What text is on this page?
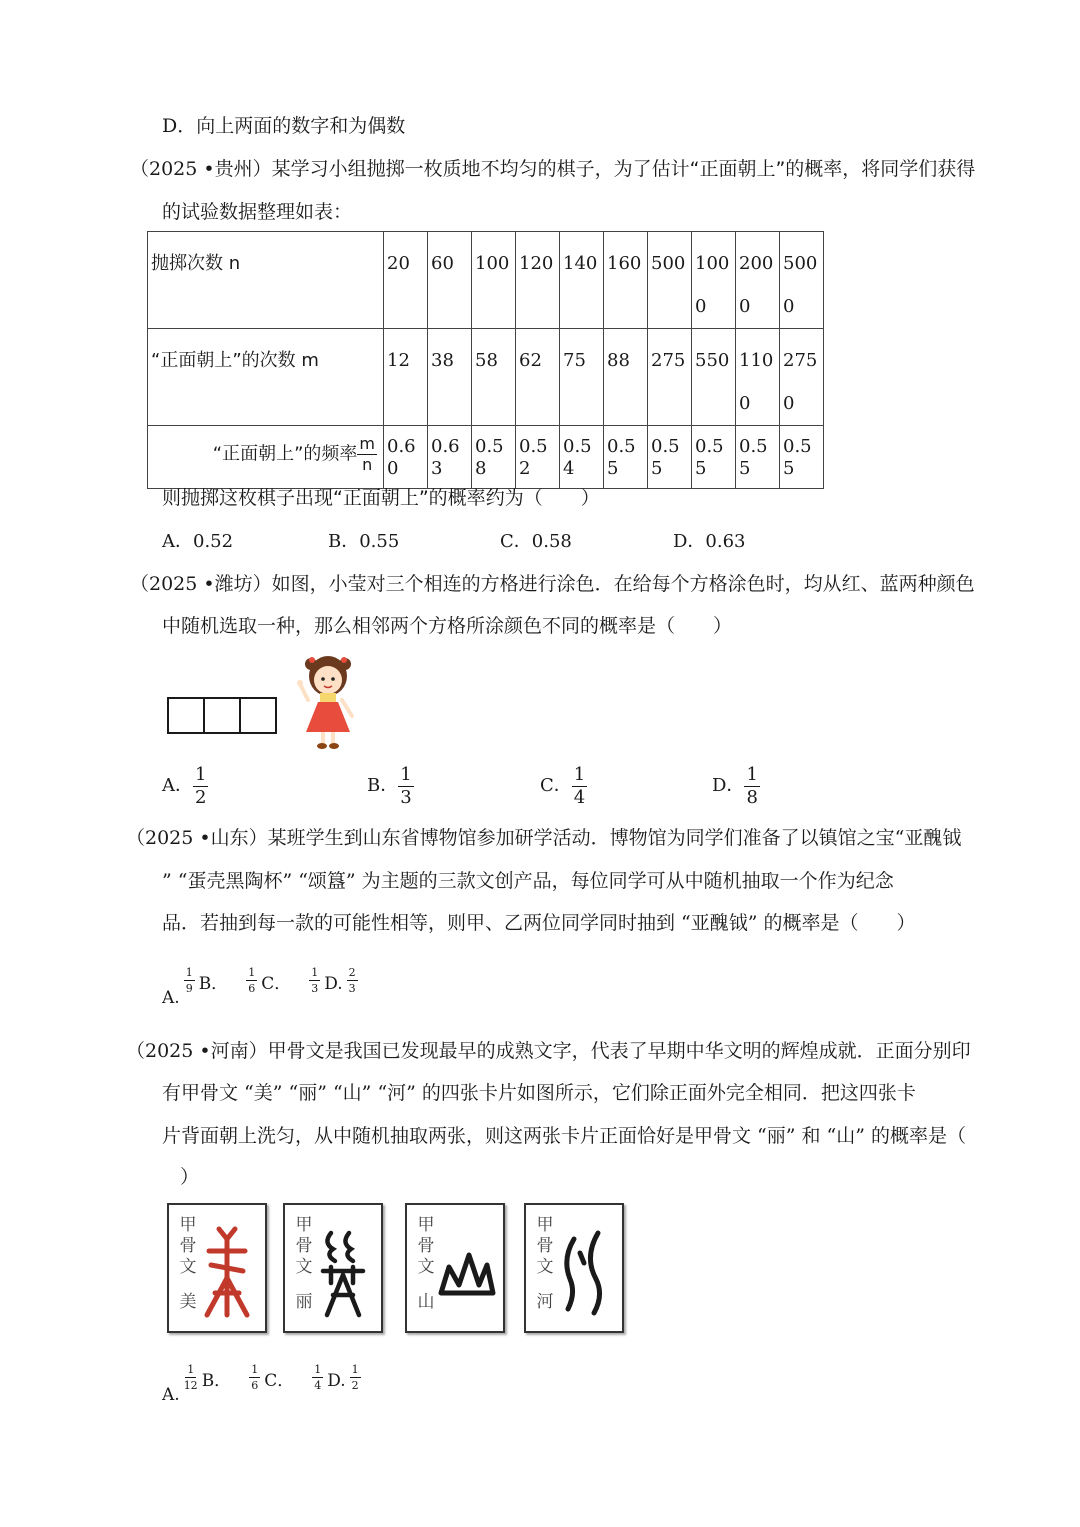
D．向上两面的数字和为偶数
（2025 •贵州）某学习小组抛掷一枚质地不均匀的棋子，为了估计“正面朝上”的概率，将同学们获得
的试验数据整理如表：
抛掷次数 n	20	60	100	120	140	160	500	1000	2000	5000
“正面朝上”的次数 m	12	38	58	62	75	88	275	550	1100	2750
“正面朝上”的频率 $\frac{m}{n}$	0.60	0.63	0.58	0.52	0.54	0.55	0.55	0.55	0.55	0.55
则抛掷这枚棋子出现“正面朝上”的概率约为（　　）
A．0.52	B．0.55	C．0.58	D．0.63
（2025 •潍坊）如图，小莹对三个相连的方格进行涂色．在给每个方格涂色时，均从红、蓝两种颜色
中随机选取一种，那么相邻两个方格所涂颜色不同的概率是（　　）
A． $\frac{1}{2}$	B． $\frac{1}{3}$	C． $\frac{1}{4}$	D． $\frac{1}{8}$
（2025 •山东）某班学生到山东省博物馆参加研学活动．博物馆为同学们准备了以镇馆之宝“亚醜钺
” “蛋壳黑陶杯” “颂簋” 为主题的三款文创产品，每位同学可从中随机抽取一个作为纪念
品．若抽到每一款的可能性相等，则甲、乙两位同学同时抽到 “亚醜钺” 的概率是（　　）
A.
$\frac{1}{9}$ B． $\frac{1}{6}$ C． $\frac{1}{3} D$. $\frac{2}{3}$
（2025 •河南）甲骨文是我国已发现最早的成熟文字，代表了早期中华文明的辉煌成就．正面分别印
有甲骨文 “美” “丽” “山” “河” 的四张卡片如图所示，它们除正面外完全相同．把这四张卡
片背面朝上洗匀，从中随机抽取两张，则这两张卡片正面恰好是甲骨文 “丽” 和 “山” 的概率是（
）
甲骨文
美
甲骨文
丽
甲骨文
山
甲骨文
河
A.
$\frac{1}{12}$ B． $\frac{1}{6}$ C． $\frac{1}{4} D$. $\frac{1}{2}$
